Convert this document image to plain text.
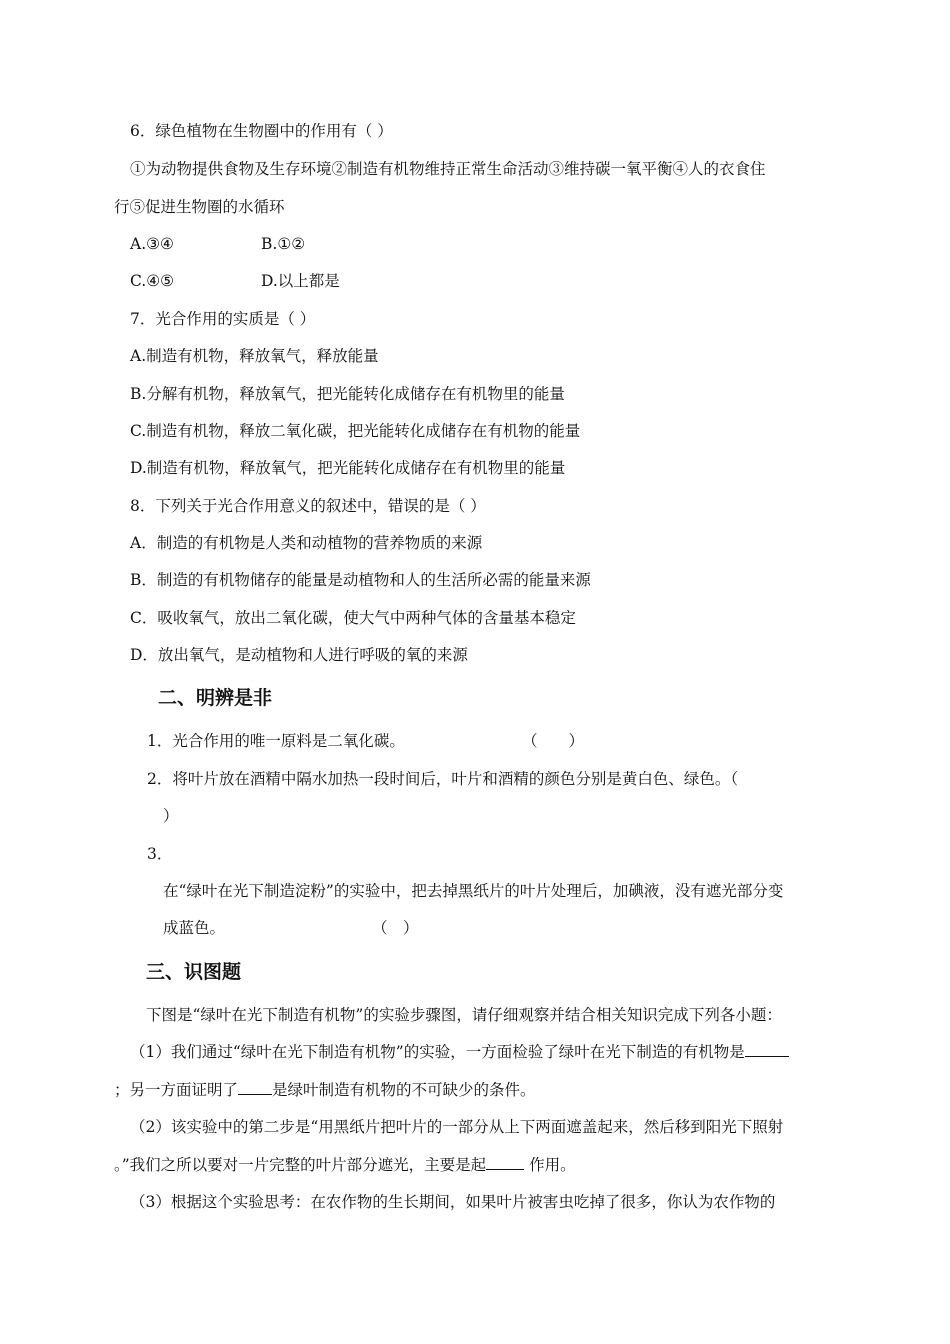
6．绿色植物在生物圈中的作用有（ ）
①为动物提供食物及生存环境②制造有机物维持正常生命活动③维持碳一氧平衡④人的衣食住
行⑤促进生物圈的水循环
A.③④	B.①②
C.④⑤	D.以上都是
7．光合作用的实质是（ ）
A.制造有机物，释放氧气，释放能量
B.分解有机物，释放氧气，把光能转化成储存在有机物里的能量
C.制造有机物，释放二氧化碳，把光能转化成储存在有机物的能量
D.制造有机物，释放氧气，把光能转化成储存在有机物里的能量
8．下列关于光合作用意义的叙述中，错误的是（ ）
A．制造的有机物是人类和动植物的营养物质的来源
B．制造的有机物储存的能量是动植物和人的生活所必需的能量来源
C．吸收氧气，放出二氧化碳，使大气中两种气体的含量基本稳定
D．放出氧气，是动植物和人进行呼吸的氧的来源
二、明辨是非
1．光合作用的唯一原料是二氧化碳。	（　　）
2．将叶片放在酒精中隔水加热一段时间后，叶片和酒精的颜色分别是黄白色、绿色。（
）
3．
在“绿叶在光下制造淀粉”的实验中，把去掉黑纸片的叶片处理后，加碘液，没有遮光部分变
成蓝色。	（　）
三、识图题
下图是“绿叶在光下制造有机物”的实验步骤图，请仔细观察并结合相关知识完成下列各小题：
（1）我们通过“绿叶在光下制造有机物”的实验，一方面检验了绿叶在光下制造的有机物是
；另一方面证明了 是绿叶制造有机物的不可缺少的条件。
（2）该实验中的第二步是“用黑纸片把叶片的一部分从上下两面遮盖起来，然后移到阳光下照射
。”我们之所以要对一片完整的叶片部分遮光，主要是起 作用。
（3）根据这个实验思考：在农作物的生长期间，如果叶片被害虫吃掉了很多，你认为农作物的
